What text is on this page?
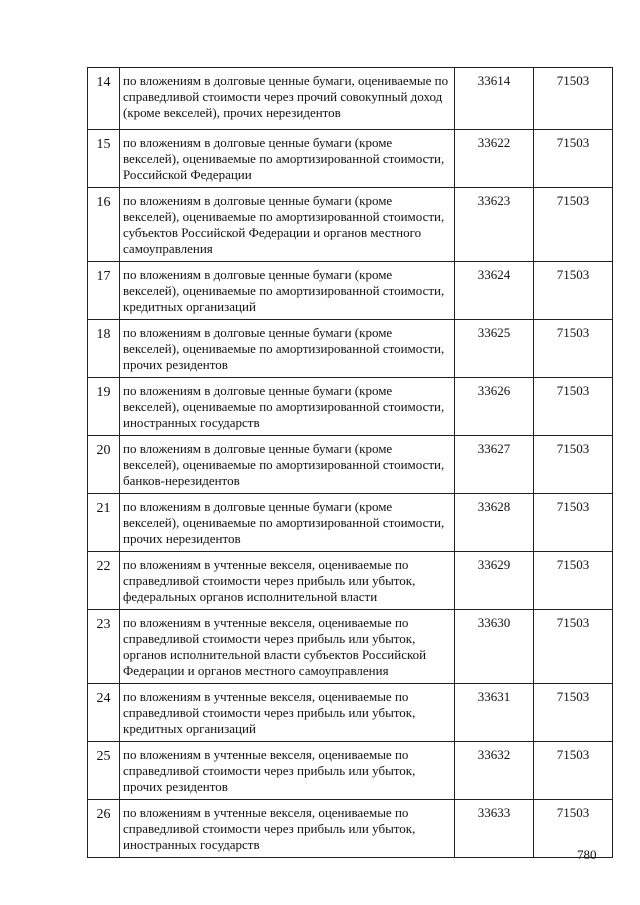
14	по вложениям в долговые ценные бумаги, оцениваемые по справедливой стоимости через прочий совокупный доход (кроме векселей), прочих нерезидентов	33614	71503
15	по вложениям в долговые ценные бумаги (кроме векселей), оцениваемые по амортизированной стоимости, Российской Федерации	33622	71503
16	по вложениям в долговые ценные бумаги (кроме векселей), оцениваемые по амортизированной стоимости, субъектов Российской Федерации и органов местного самоуправления	33623	71503
17	по вложениям в долговые ценные бумаги (кроме векселей), оцениваемые по амортизированной стоимости, кредитных организаций	33624	71503
18	по вложениям в долговые ценные бумаги (кроме векселей), оцениваемые по амортизированной стоимости, прочих резидентов	33625	71503
19	по вложениям в долговые ценные бумаги (кроме векселей), оцениваемые по амортизированной стоимости, иностранных государств	33626	71503
20	по вложениям в долговые ценные бумаги (кроме векселей), оцениваемые по амортизированной стоимости, банков-нерезидентов	33627	71503
21	по вложениям в долговые ценные бумаги (кроме векселей), оцениваемые по амортизированной стоимости, прочих нерезидентов	33628	71503
22	по вложениям в учтенные векселя, оцениваемые по справедливой стоимости через прибыль или убыток, федеральных органов исполнительной власти	33629	71503
23	по вложениям в учтенные векселя, оцениваемые по справедливой стоимости через прибыль или убыток, органов исполнительной власти субъектов Российской Федерации и органов местного самоуправления	33630	71503
24	по вложениям в учтенные векселя, оцениваемые по справедливой стоимости через прибыль или убыток, кредитных организаций	33631	71503
25	по вложениям в учтенные векселя, оцениваемые по справедливой стоимости через прибыль или убыток, прочих резидентов	33632	71503
26	по вложениям в учтенные векселя, оцениваемые по справедливой стоимости через прибыль или убыток, иностранных государств	33633	71503
780
